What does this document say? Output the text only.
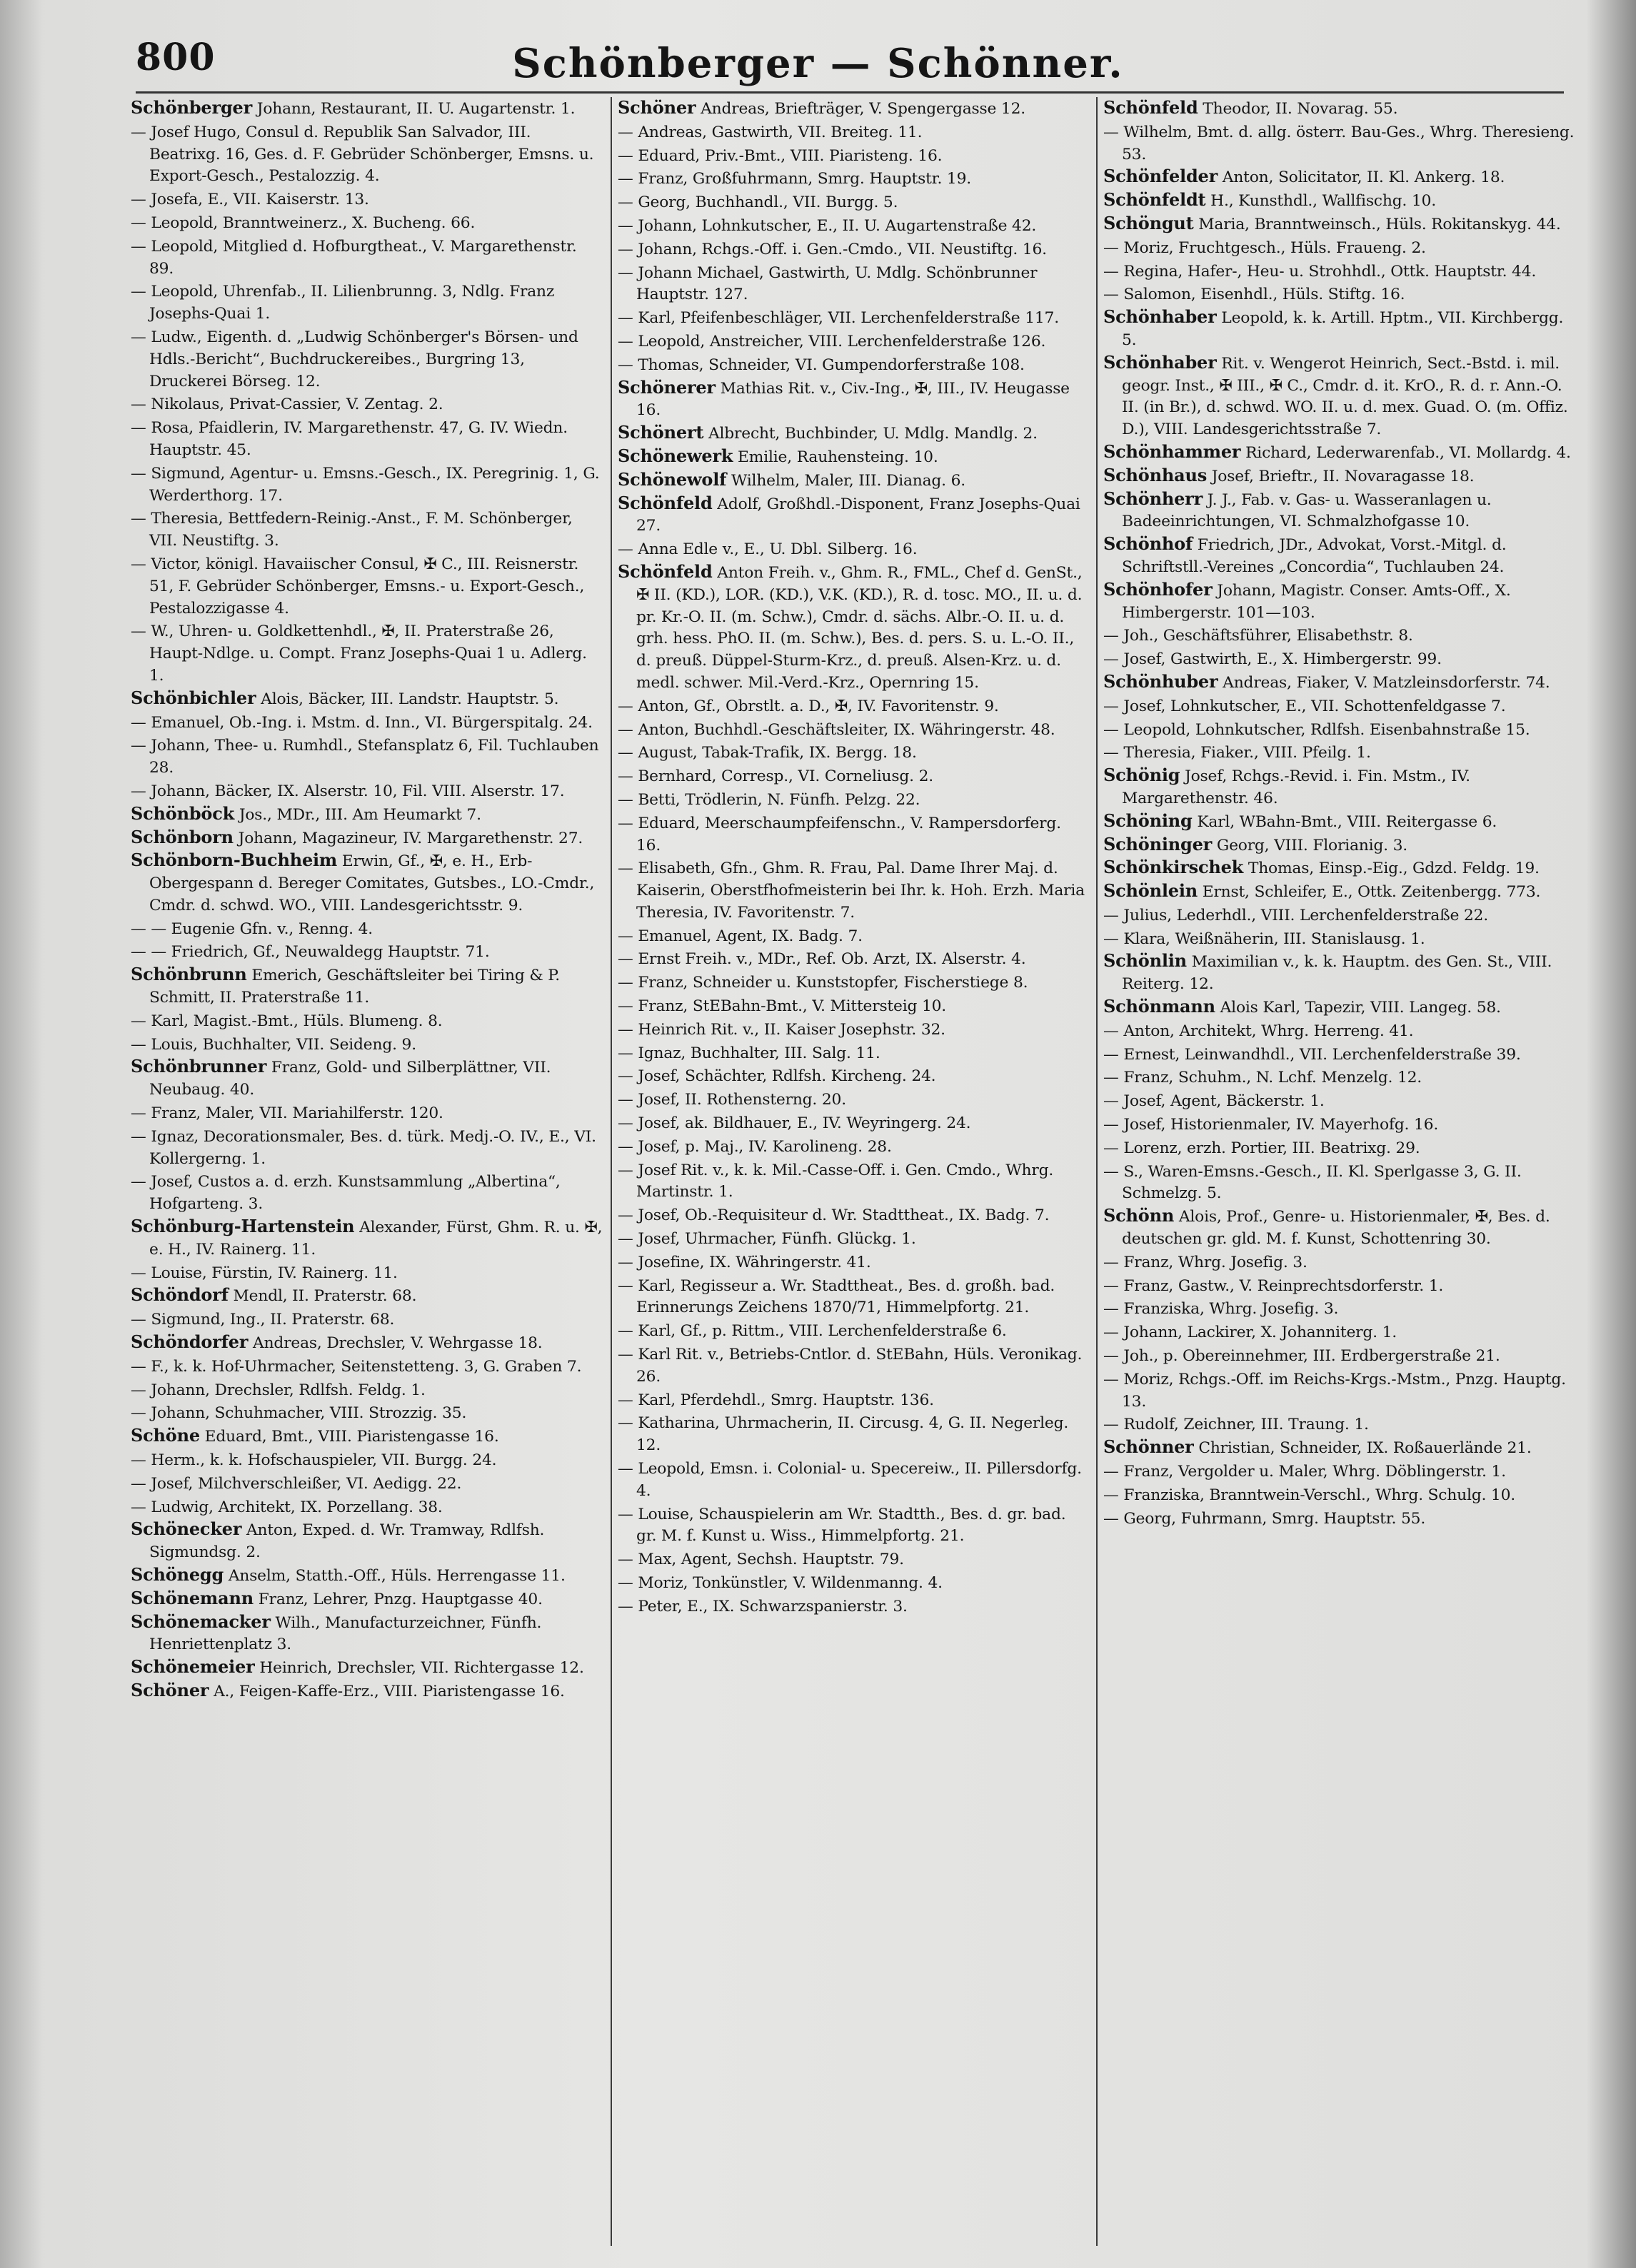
800	Schönberger — Schönner.

Schönberger Johann, Restaurant, II. U. Augartenstr. 1.

— Josef Hugo, Consul d. Republik San Salvador, III. Beatrixg. 16, Ges. d. F. Gebrüder Schönberger, Emsns. u. Export-Gesch., Pestalozzig. 4.

— Josefa, E., VII. Kaiserstr. 13.

— Leopold, Branntweinerz., X. Bucheng. 66.

— Leopold, Mitglied d. Hofburgtheat., V. Margarethenstr. 89.

— Leopold, Uhrenfab., II. Lilienbrunng. 3, Ndlg. Franz Josephs-Quai 1.

— Ludw., Eigenth. d. „Ludwig Schönberger's Börsen- und Hdls.-Bericht“, Buchdruckereibes., Burgring 13, Druckerei Börseg. 12.

— Nikolaus, Privat-Cassier, V. Zentag. 2.

— Rosa, Pfaidlerin, IV. Margarethenstr. 47, G. IV. Wiedn. Hauptstr. 45.

— Sigmund, Agentur- u. Emsns.-Gesch., IX. Peregrinig. 1, G. Werderthorg. 17.

— Theresia, Bettfedern-Reinig.-Anst., F. M. Schönberger, VII. Neustiftg. 3.

— Victor, königl. Havaiischer Consul, ✠ C., III. Reisnerstr. 51, F. Gebrüder Schönberger, Emsns.- u. Export-Gesch., Pestalozzigasse 4.

— W., Uhren- u. Goldkettenhdl., ✠, II. Praterstraße 26, Haupt-Ndlge. u. Compt. Franz Josephs-Quai 1 u. Adlerg. 1.

Schönbichler Alois, Bäcker, III. Landstr. Hauptstr. 5.

— Emanuel, Ob.-Ing. i. Mstm. d. Inn., VI. Bürgerspitalg. 24.

— Johann, Thee- u. Rumhdl., Stefansplatz 6, Fil. Tuchlauben 28.

— Johann, Bäcker, IX. Alserstr. 10, Fil. VIII. Alserstr. 17.

Schönböck Jos., MDr., III. Am Heumarkt 7.

Schönborn Johann, Magazineur, IV. Margarethenstr. 27.

Schönborn-Buchheim Erwin, Gf., ✠, e. H., Erb-Obergespann d. Bereger Comitates, Gutsbes., LO.-Cmdr., Cmdr. d. schwd. WO., VIII. Landesgerichtsstr. 9.

— — Eugenie Gfn. v., Renng. 4.

— — Friedrich, Gf., Neuwaldegg Hauptstr. 71.

Schönbrunn Emerich, Geschäftsleiter bei Tiring & P. Schmitt, II. Praterstraße 11.

— Karl, Magist.-Bmt., Hüls. Blumeng. 8.

— Louis, Buchhalter, VII. Seideng. 9.

Schönbrunner Franz, Gold- und Silberplättner, VII. Neubaug. 40.

— Franz, Maler, VII. Mariahilferstr. 120.

— Ignaz, Decorationsmaler, Bes. d. türk. Medj.-O. IV., E., VI. Kollergerng. 1.

— Josef, Custos a. d. erzh. Kunstsammlung „Albertina“, Hofgarteng. 3.

Schönburg-Hartenstein Alexander, Fürst, Ghm. R. u. ✠, e. H., IV. Rainerg. 11.

— Louise, Fürstin, IV. Rainerg. 11.

Schöndorf Mendl, II. Praterstr. 68.

— Sigmund, Ing., II. Praterstr. 68.

Schöndorfer Andreas, Drechsler, V. Wehrgasse 18.

— F., k. k. Hof-Uhrmacher, Seitenstetteng. 3, G. Graben 7.

— Johann, Drechsler, Rdlfsh. Feldg. 1.

— Johann, Schuhmacher, VIII. Strozzig. 35.

Schöne Eduard, Bmt., VIII. Piaristengasse 16.

— Herm., k. k. Hofschauspieler, VII. Burgg. 24.

— Josef, Milchverschleißer, VI. Aedigg. 22.

— Ludwig, Architekt, IX. Porzellang. 38.

Schönecker Anton, Exped. d. Wr. Tramway, Rdlfsh. Sigmundsg. 2.

Schönegg Anselm, Statth.-Off., Hüls. Herrengasse 11.

Schönemann Franz, Lehrer, Pnzg. Hauptgasse 40.

Schönemacker Wilh., Manufacturzeichner, Fünfh. Henriettenplatz 3.

Schönemeier Heinrich, Drechsler, VII. Richtergasse 12.

Schöner A., Feigen-Kaffe-Erz., VIII. Piaristengasse 16.

Schöner Andreas, Briefträger, V. Spengergasse 12.

— Andreas, Gastwirth, VII. Breiteg. 11.

— Eduard, Priv.-Bmt., VIII. Piaristeng. 16.

— Franz, Großfuhrmann, Smrg. Hauptstr. 19.

— Georg, Buchhandl., VII. Burgg. 5.

— Johann, Lohnkutscher, E., II. U. Augartenstraße 42.

— Johann, Rchgs.-Off. i. Gen.-Cmdo., VII. Neustiftg. 16.

— Johann Michael, Gastwirth, U. Mdlg. Schönbrunner Hauptstr. 127.

— Karl, Pfeifenbeschläger, VII. Lerchenfelderstraße 117.

— Leopold, Anstreicher, VIII. Lerchenfelderstraße 126.

— Thomas, Schneider, VI. Gumpendorferstraße 108.

Schönerer Mathias Rit. v., Civ.-Ing., ✠, III., IV. Heugasse 16.

Schönert Albrecht, Buchbinder, U. Mdlg. Mandlg. 2.

Schönewerk Emilie, Rauhensteing. 10.

Schönewolf Wilhelm, Maler, III. Dianag. 6.

Schönfeld Adolf, Großhdl.-Disponent, Franz Josephs-Quai 27.

— Anna Edle v., E., U. Dbl. Silberg. 16.

Schönfeld Anton Freih. v., Ghm. R., FML., Chef d. GenSt., ✠ II. (KD.), LOR. (KD.), V.K. (KD.), R. d. tosc. MO., II. u. d. pr. Kr.-O. II. (m. Schw.), Cmdr. d. sächs. Albr.-O. II. u. d. grh. hess. PhO. II. (m. Schw.), Bes. d. pers. S. u. L.-O. II., d. preuß. Düppel-Sturm-Krz., d. preuß. Alsen-Krz. u. d. medl. schwer. Mil.-Verd.-Krz., Opernring 15.

— Anton, Gf., Obrstlt. a. D., ✠, IV. Favoritenstr. 9.

— Anton, Buchhdl.-Geschäftsleiter, IX. Währingerstr. 48.

— August, Tabak-Trafik, IX. Bergg. 18.

— Bernhard, Corresp., VI. Corneliusg. 2.

— Betti, Trödlerin, N. Fünfh. Pelzg. 22.

— Eduard, Meerschaumpfeifenschn., V. Rampersdorferg. 16.

— Elisabeth, Gfn., Ghm. R. Frau, Pal. Dame Ihrer Maj. d. Kaiserin, Oberstfhofmeisterin bei Ihr. k. Hoh. Erzh. Maria Theresia, IV. Favoritenstr. 7.

— Emanuel, Agent, IX. Badg. 7.

— Ernst Freih. v., MDr., Ref. Ob. Arzt, IX. Alserstr. 4.

— Franz, Schneider u. Kunststopfer, Fischerstiege 8.

— Franz, StEBahn-Bmt., V. Mittersteig 10.

— Heinrich Rit. v., II. Kaiser Josephstr. 32.

— Ignaz, Buchhalter, III. Salg. 11.

— Josef, Schächter, Rdlfsh. Kircheng. 24.

— Josef, II. Rothensterng. 20.

— Josef, ak. Bildhauer, E., IV. Weyringerg. 24.

— Josef, p. Maj., IV. Karolineng. 28.

— Josef Rit. v., k. k. Mil.-Casse-Off. i. Gen. Cmdo., Whrg. Martinstr. 1.

— Josef, Ob.-Requisiteur d. Wr. Stadttheat., IX. Badg. 7.

— Josef, Uhrmacher, Fünfh. Glückg. 1.

— Josefine, IX. Währingerstr. 41.

— Karl, Regisseur a. Wr. Stadttheat., Bes. d. großh. bad. Erinnerungs Zeichens 1870/71, Himmelpfortg. 21.

— Karl, Gf., p. Rittm., VIII. Lerchenfelderstraße 6.

— Karl Rit. v., Betriebs-Cntlor. d. StEBahn, Hüls. Veronikag. 26.

— Karl, Pferdehdl., Smrg. Hauptstr. 136.

— Katharina, Uhrmacherin, II. Circusg. 4, G. II. Negerleg. 12.

— Leopold, Emsn. i. Colonial- u. Specereiw., II. Pillersdorfg. 4.

— Louise, Schauspielerin am Wr. Stadtth., Bes. d. gr. bad. gr. M. f. Kunst u. Wiss., Himmelpfortg. 21.

— Max, Agent, Sechsh. Hauptstr. 79.

— Moriz, Tonkünstler, V. Wildenmanng. 4.

— Peter, E., IX. Schwarzspanierstr. 3.

Schönfeld Theodor, II. Novarag. 55.

— Wilhelm, Bmt. d. allg. österr. Bau-Ges., Whrg. Theresieng. 53.

Schönfelder Anton, Solicitator, II. Kl. Ankerg. 18.

Schönfeldt H., Kunsthdl., Wallfischg. 10.

Schöngut Maria, Branntweinsch., Hüls. Rokitanskyg. 44.

— Moriz, Fruchtgesch., Hüls. Fraueng. 2.

— Regina, Hafer-, Heu- u. Strohhdl., Ottk. Hauptstr. 44.

— Salomon, Eisenhdl., Hüls. Stiftg. 16.

Schönhaber Leopold, k. k. Artill. Hptm., VII. Kirchbergg. 5.

Schönhaber Rit. v. Wengerot Heinrich, Sect.-Bstd. i. mil. geogr. Inst., ✠ III., ✠ C., Cmdr. d. it. KrO., R. d. r. Ann.-O. II. (in Br.), d. schwd. WO. II. u. d. mex. Guad. O. (m. Offiz. D.), VIII. Landesgerichtsstraße 7.

Schönhammer Richard, Lederwarenfab., VI. Mollardg. 4.

Schönhaus Josef, Brieftr., II. Novaragasse 18.

Schönherr J. J., Fab. v. Gas- u. Wasseranlagen u. Badeeinrichtungen, VI. Schmalzhofgasse 10.

Schönhof Friedrich, JDr., Advokat, Vorst.-Mitgl. d. Schriftstll.-Vereines „Concordia“, Tuchlauben 24.

Schönhofer Johann, Magistr. Conser. Amts-Off., X. Himbergerstr. 101—103.

— Joh., Geschäftsführer, Elisabethstr. 8.

— Josef, Gastwirth, E., X. Himbergerstr. 99.

Schönhuber Andreas, Fiaker, V. Matzleinsdorferstr. 74.

— Josef, Lohnkutscher, E., VII. Schottenfeldgasse 7.

— Leopold, Lohnkutscher, Rdlfsh. Eisenbahnstraße 15.

— Theresia, Fiaker., VIII. Pfeilg. 1.

Schönig Josef, Rchgs.-Revid. i. Fin. Mstm., IV. Margarethenstr. 46.

Schöning Karl, WBahn-Bmt., VIII. Reitergasse 6.

Schöninger Georg, VIII. Florianig. 3.

Schönkirschek Thomas, Einsp.-Eig., Gdzd. Feldg. 19.

Schönlein Ernst, Schleifer, E., Ottk. Zeitenbergg. 773.

— Julius, Lederhdl., VIII. Lerchenfelderstraße 22.

— Klara, Weißnäherin, III. Stanislausg. 1.

Schönlin Maximilian v., k. k. Hauptm. des Gen. St., VIII. Reiterg. 12.

Schönmann Alois Karl, Tapezir, VIII. Langeg. 58.

— Anton, Architekt, Whrg. Herreng. 41.

— Ernest, Leinwandhdl., VII. Lerchenfelderstraße 39.

— Franz, Schuhm., N. Lchf. Menzelg. 12.

— Josef, Agent, Bäckerstr. 1.

— Josef, Historienmaler, IV. Mayerhofg. 16.

— Lorenz, erzh. Portier, III. Beatrixg. 29.

— S., Waren-Emsns.-Gesch., II. Kl. Sperlgasse 3, G. II. Schmelzg. 5.

Schönn Alois, Prof., Genre- u. Historienmaler, ✠, Bes. d. deutschen gr. gld. M. f. Kunst, Schottenring 30.

— Franz, Whrg. Josefig. 3.

— Franz, Gastw., V. Reinprechtsdorferstr. 1.

— Franziska, Whrg. Josefig. 3.

— Johann, Lackirer, X. Johanniterg. 1.

— Joh., p. Obereinnehmer, III. Erdbergerstraße 21.

— Moriz, Rchgs.-Off. im Reichs-Krgs.-Mstm., Pnzg. Hauptg. 13.

— Rudolf, Zeichner, III. Traung. 1.

Schönner Christian, Schneider, IX. Roßauerlände 21.

— Franz, Vergolder u. Maler, Whrg. Döblingerstr. 1.

— Franziska, Branntwein-Verschl., Whrg. Schulg. 10.

— Georg, Fuhrmann, Smrg. Hauptstr. 55.
